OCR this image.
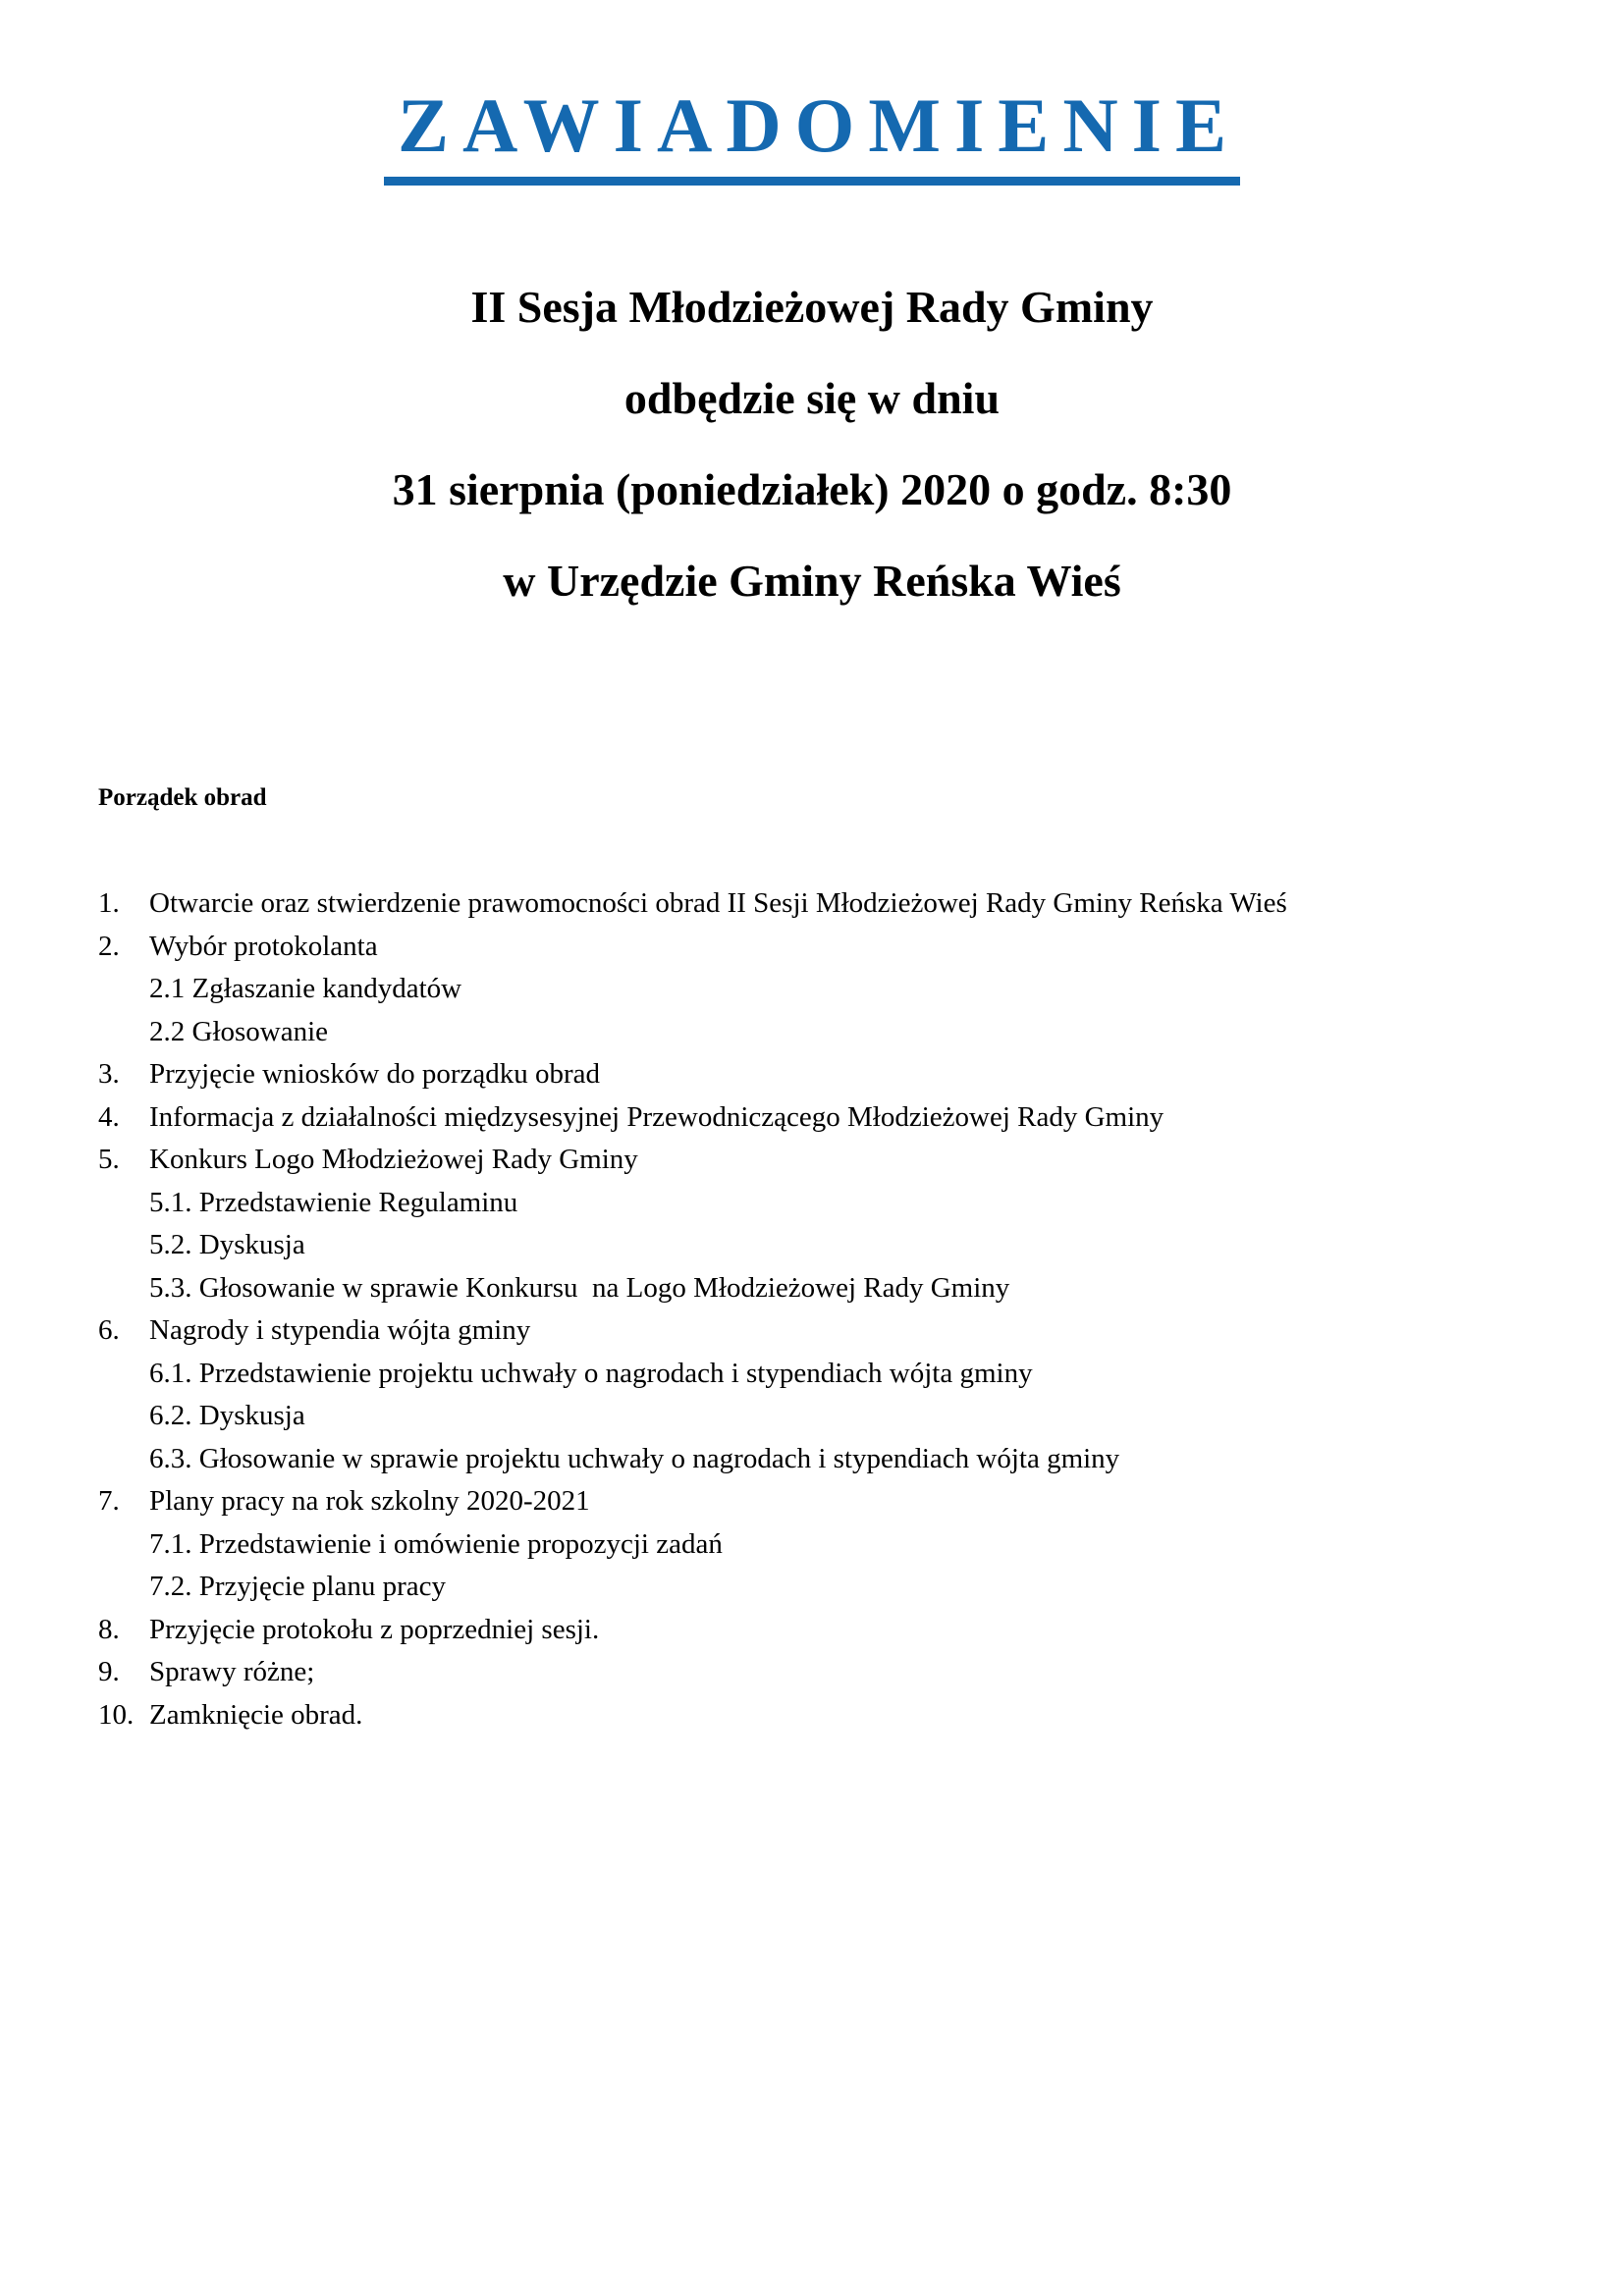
ZAWIADOMIENIE
II Sesja Młodzieżowej Rady Gminy
odbędzie się w dniu
31 sierpnia (poniedziałek) 2020 o godz. 8:30
w Urzędzie Gminy Reńska Wieś
Porządek obrad
1.	Otwarcie oraz stwierdzenie prawomocności obrad II Sesji Młodzieżowej Rady Gminy Reńska Wieś
2.	Wybór protokolanta
2.1 Zgłaszanie kandydatów
2.2 Głosowanie
3.	Przyjęcie wniosków do porządku obrad
4.	Informacja z działalności międzysesyjnej Przewodniczącego Młodzieżowej Rady Gminy
5.	Konkurs Logo Młodzieżowej Rady Gminy
5.1. Przedstawienie Regulaminu
5.2. Dyskusja
5.3. Głosowanie w sprawie Konkursu  na Logo Młodzieżowej Rady Gminy
6.	Nagrody i stypendia wójta gminy
6.1. Przedstawienie projektu uchwały o nagrodach i stypendiach wójta gminy
6.2. Dyskusja
6.3. Głosowanie w sprawie projektu uchwały o nagrodach i stypendiach wójta gminy
7.	Plany pracy na rok szkolny 2020-2021
7.1. Przedstawienie i omówienie propozycji zadań
7.2. Przyjęcie planu pracy
8.	Przyjęcie protokołu z poprzedniej sesji.
9.	Sprawy różne;
10. Zamknięcie obrad.
